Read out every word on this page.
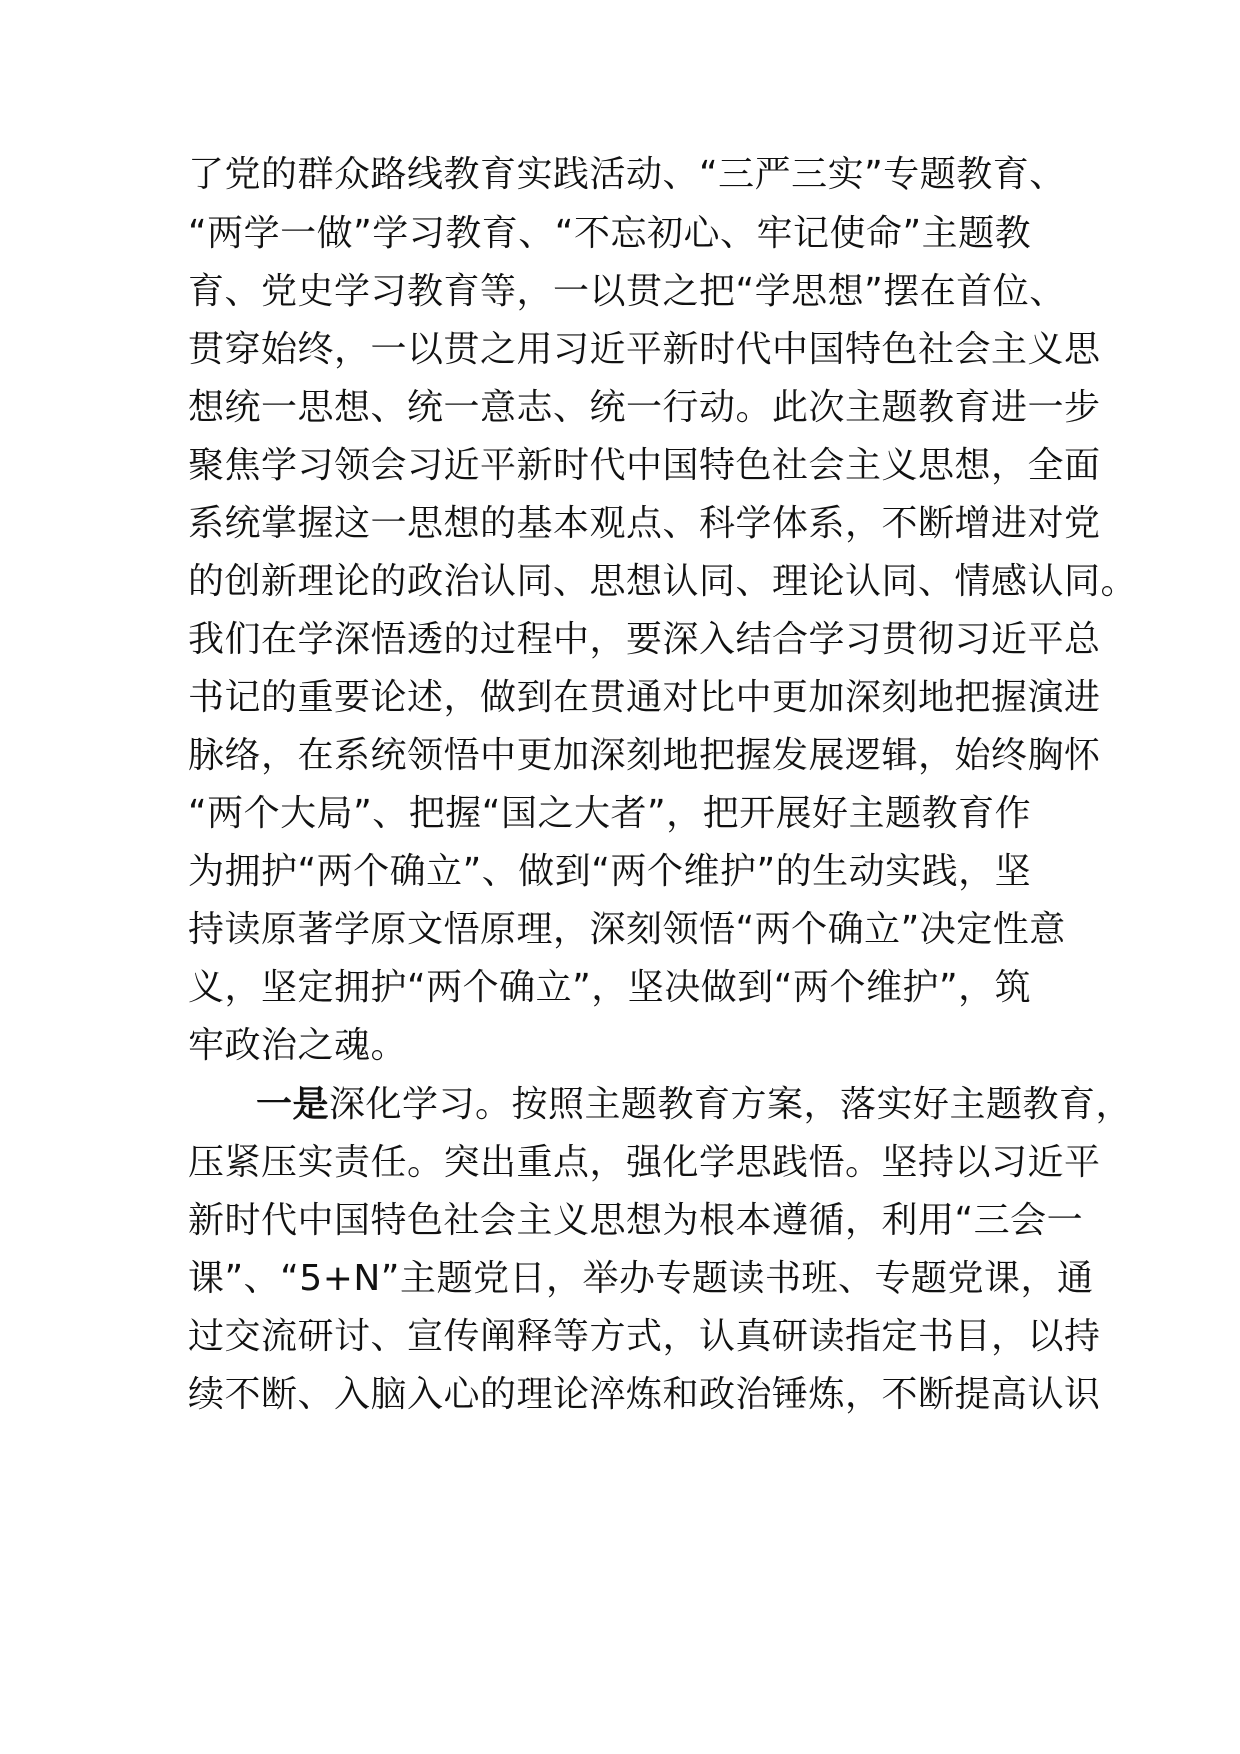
了党的群众路线教育实践活动、“三严三实”专题教育、
“两学一做”学习教育、“不忘初心、牢记使命”主题教
育、党史学习教育等，一以贯之把“学思想”摆在首位、
贯穿始终，一以贯之用习近平新时代中国特色社会主义思
想统一思想、统一意志、统一行动。此次主题教育进一步
聚焦学习领会习近平新时代中国特色社会主义思想，全面
系统掌握这一思想的基本观点、科学体系，不断增进对党
的创新理论的政治认同、思想认同、理论认同、情感认同。
我们在学深悟透的过程中，要深入结合学习贯彻习近平总
书记的重要论述，做到在贯通对比中更加深刻地把握演进
脉络，在系统领悟中更加深刻地把握发展逻辑，始终胸怀
“两个大局”、把握“国之大者”，把开展好主题教育作
为拥护“两个确立”、做到“两个维护”的生动实践，坚
持读原著学原文悟原理，深刻领悟“两个确立”决定性意
义，坚定拥护“两个确立”，坚决做到“两个维护”，筑
牢政治之魂。
一是深化学习。按照主题教育方案，落实好主题教育，
压紧压实责任。突出重点，强化学思践悟。坚持以习近平
新时代中国特色社会主义思想为根本遵循，利用“三会一
课”、“5+N”主题党日，举办专题读书班、专题党课，通
过交流研讨、宣传阐释等方式，认真研读指定书目，以持
续不断、入脑入心的理论淬炼和政治锤炼，不断提高认识
